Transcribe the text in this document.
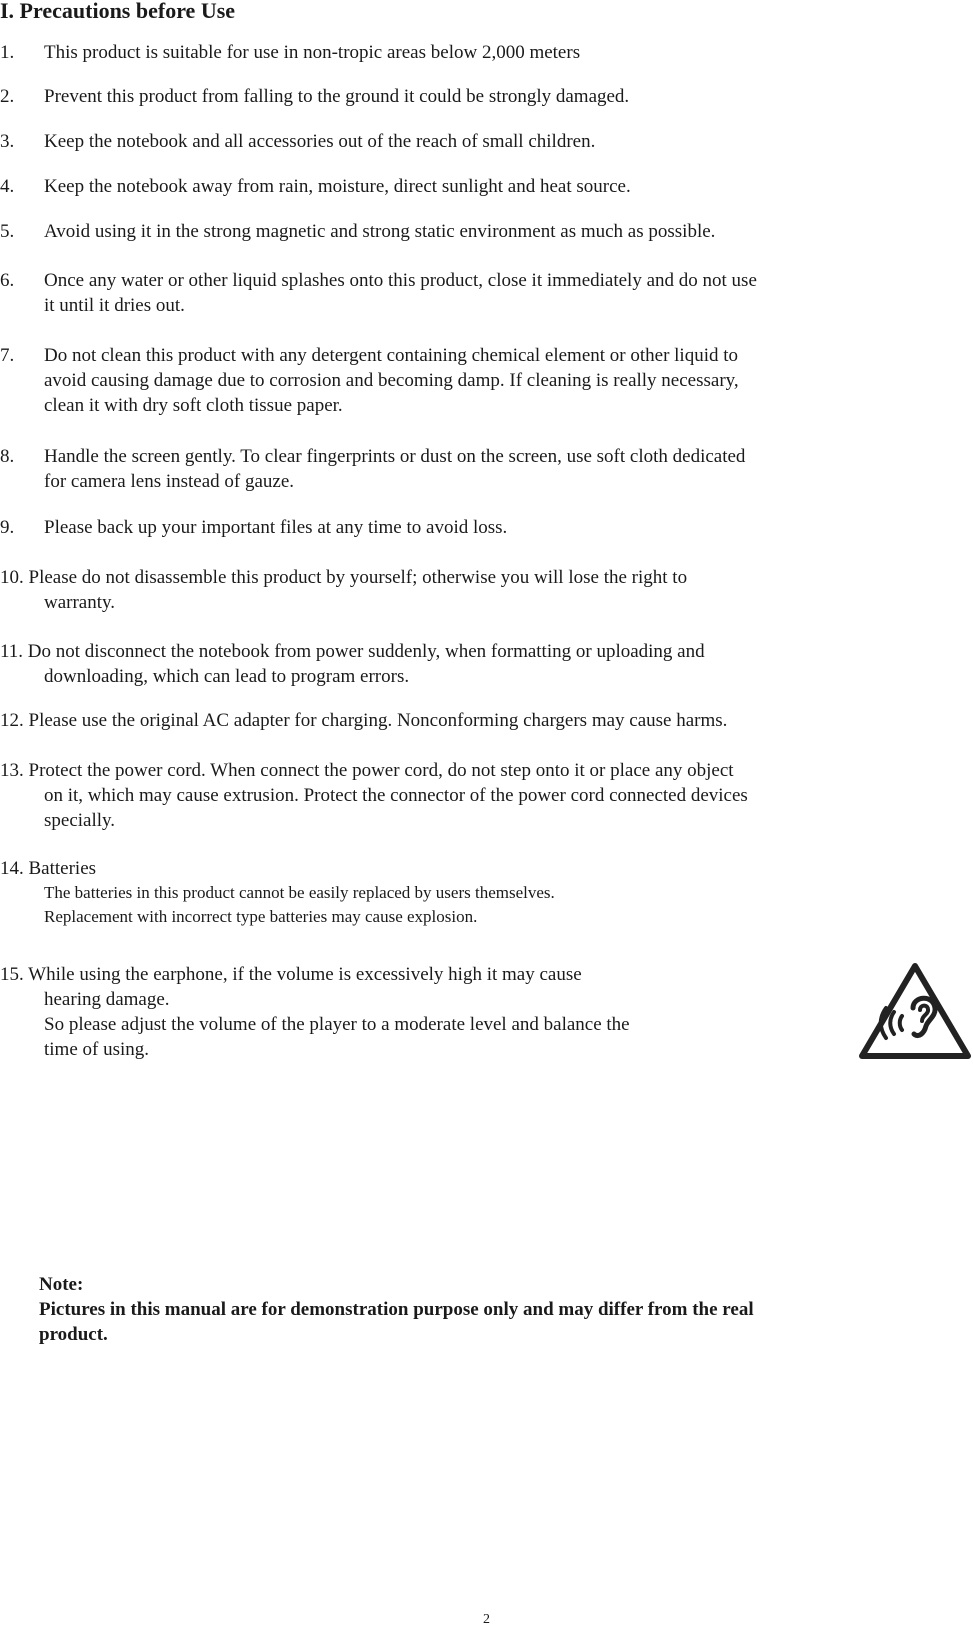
I. Precautions before Use
1.	This product is suitable for use in non-tropic areas below 2,000 meters
2.	Prevent this product from falling to the ground it could be strongly damaged.
3.	Keep the notebook and all accessories out of the reach of small children.
4.	Keep the notebook away from rain, moisture, direct sunlight and heat source.
5.	Avoid using it in the strong magnetic and strong static environment as much as possible.
6.	Once any water or other liquid splashes onto this product, close it immediately and do not use
it until it dries out.
7.	Do not clean this product with any detergent containing chemical element or other liquid to
avoid causing damage due to corrosion and becoming damp. If cleaning is really necessary,
clean it with dry soft cloth tissue paper.
8.	Handle the screen gently. To clear fingerprints or dust on the screen, use soft cloth dedicated
for camera lens instead of gauze.
9.	Please back up your important files at any time to avoid loss.
10. Please do not disassemble this product by yourself; otherwise you will lose the right to
warranty.
11. Do not disconnect the notebook from power suddenly, when formatting or uploading and
downloading, which can lead to program errors.
12. Please use the original AC adapter for charging. Nonconforming chargers may cause harms.
13. Protect the power cord. When connect the power cord, do not step onto it or place any object
on it, which may cause extrusion. Protect the connector of the power cord connected devices
specially.
14. Batteries
The batteries in this product cannot be easily replaced by users themselves.
Replacement with incorrect type batteries may cause explosion.
15. While using the earphone, if the volume is excessively high it may cause
hearing damage.
So please adjust the volume of the player to a moderate level and balance the
time of using.
Note:
Pictures in this manual are for demonstration purpose only and may differ from the real
product.
2
